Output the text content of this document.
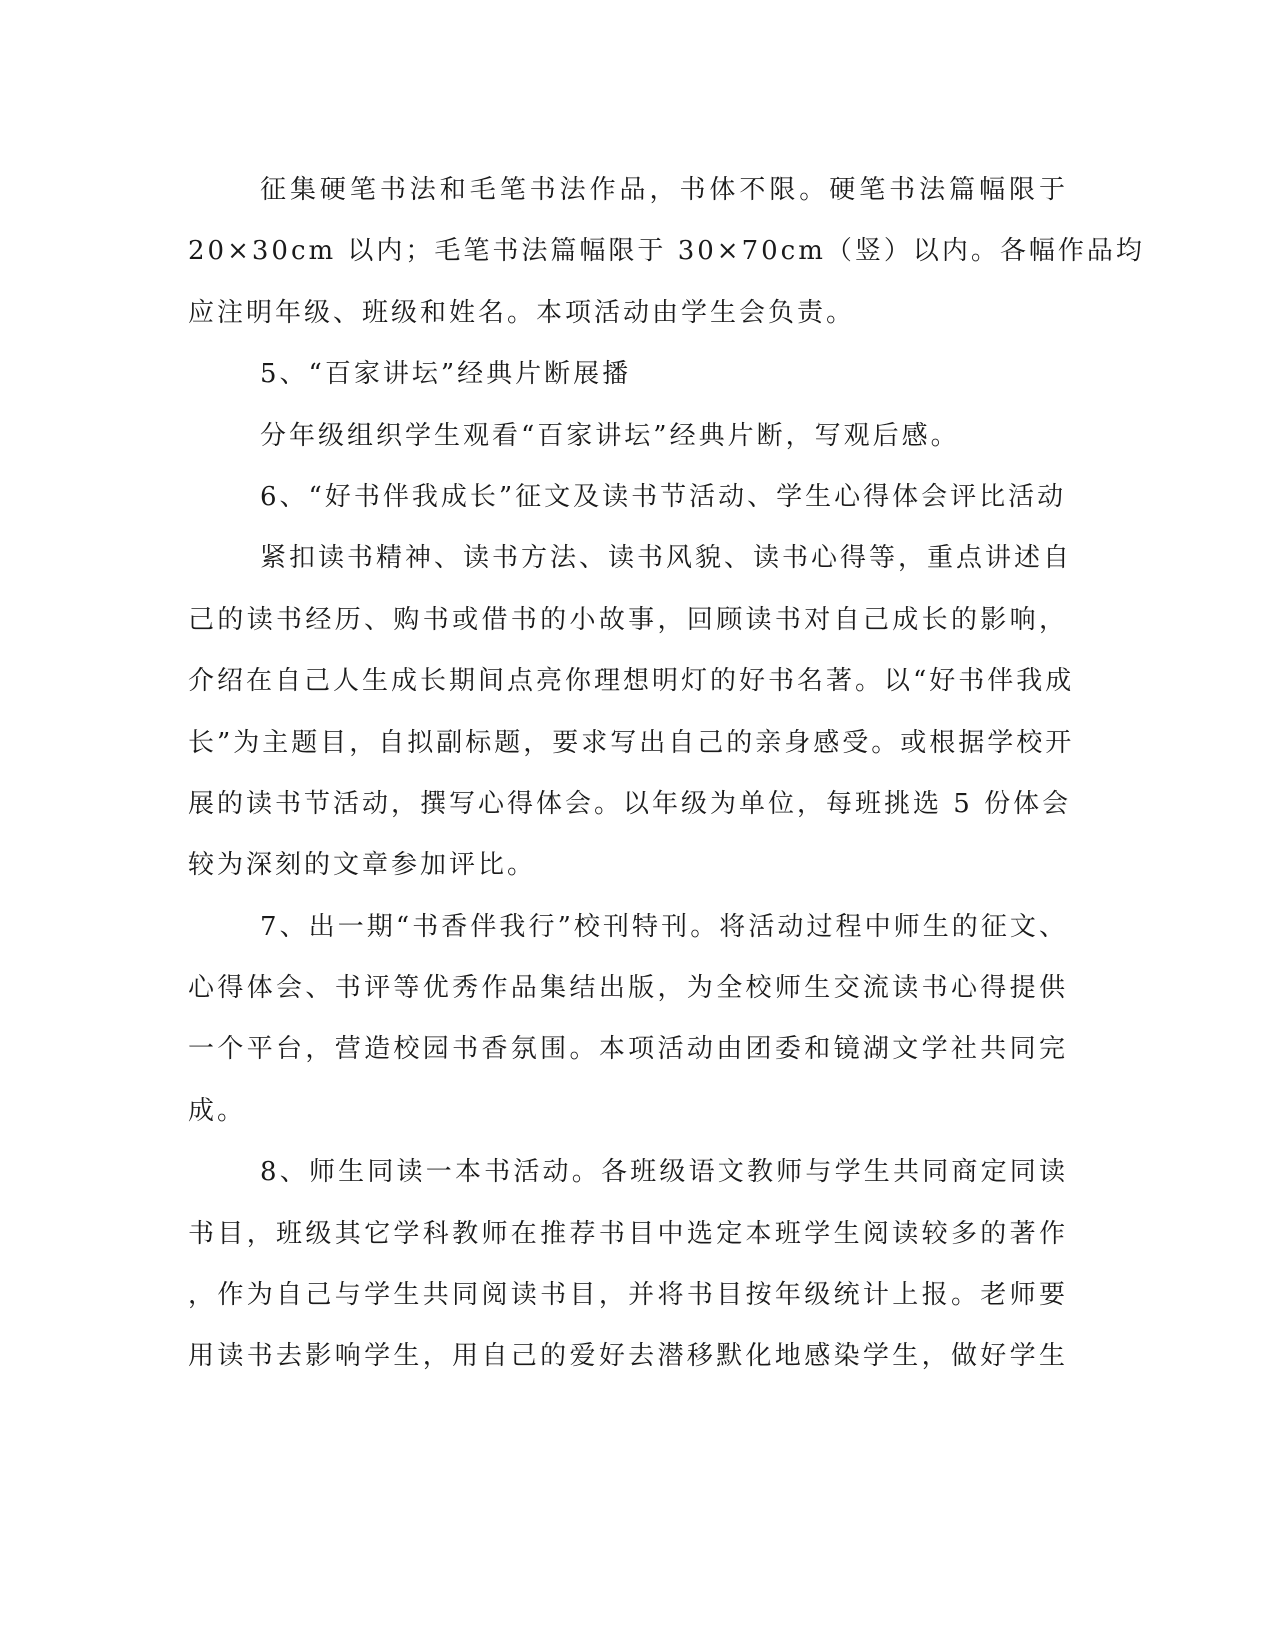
征集硬笔书法和毛笔书法作品，书体不限。硬笔书法篇幅限于
20×30cm 以内；毛笔书法篇幅限于 30×70cm（竖）以内。各幅作品均
应注明年级、班级和姓名。本项活动由学生会负责。
5、“百家讲坛”经典片断展播
分年级组织学生观看“百家讲坛”经典片断，写观后感。
6、“好书伴我成长”征文及读书节活动、学生心得体会评比活动
紧扣读书精神、读书方法、读书风貌、读书心得等，重点讲述自
己的读书经历、购书或借书的小故事，回顾读书对自己成长的影响，
介绍在自己人生成长期间点亮你理想明灯的好书名著。以“好书伴我成
长”为主题目，自拟副标题，要求写出自己的亲身感受。或根据学校开
展的读书节活动，撰写心得体会。以年级为单位，每班挑选 5 份体会
较为深刻的文章参加评比。
7、出一期“书香伴我行”校刊特刊。将活动过程中师生的征文、
心得体会、书评等优秀作品集结出版，为全校师生交流读书心得提供
一个平台，营造校园书香氛围。本项活动由团委和镜湖文学社共同完
成。
8、师生同读一本书活动。各班级语文教师与学生共同商定同读
书目，班级其它学科教师在推荐书目中选定本班学生阅读较多的著作
，作为自己与学生共同阅读书目，并将书目按年级统计上报。老师要
用读书去影响学生，用自己的爱好去潜移默化地感染学生，做好学生
